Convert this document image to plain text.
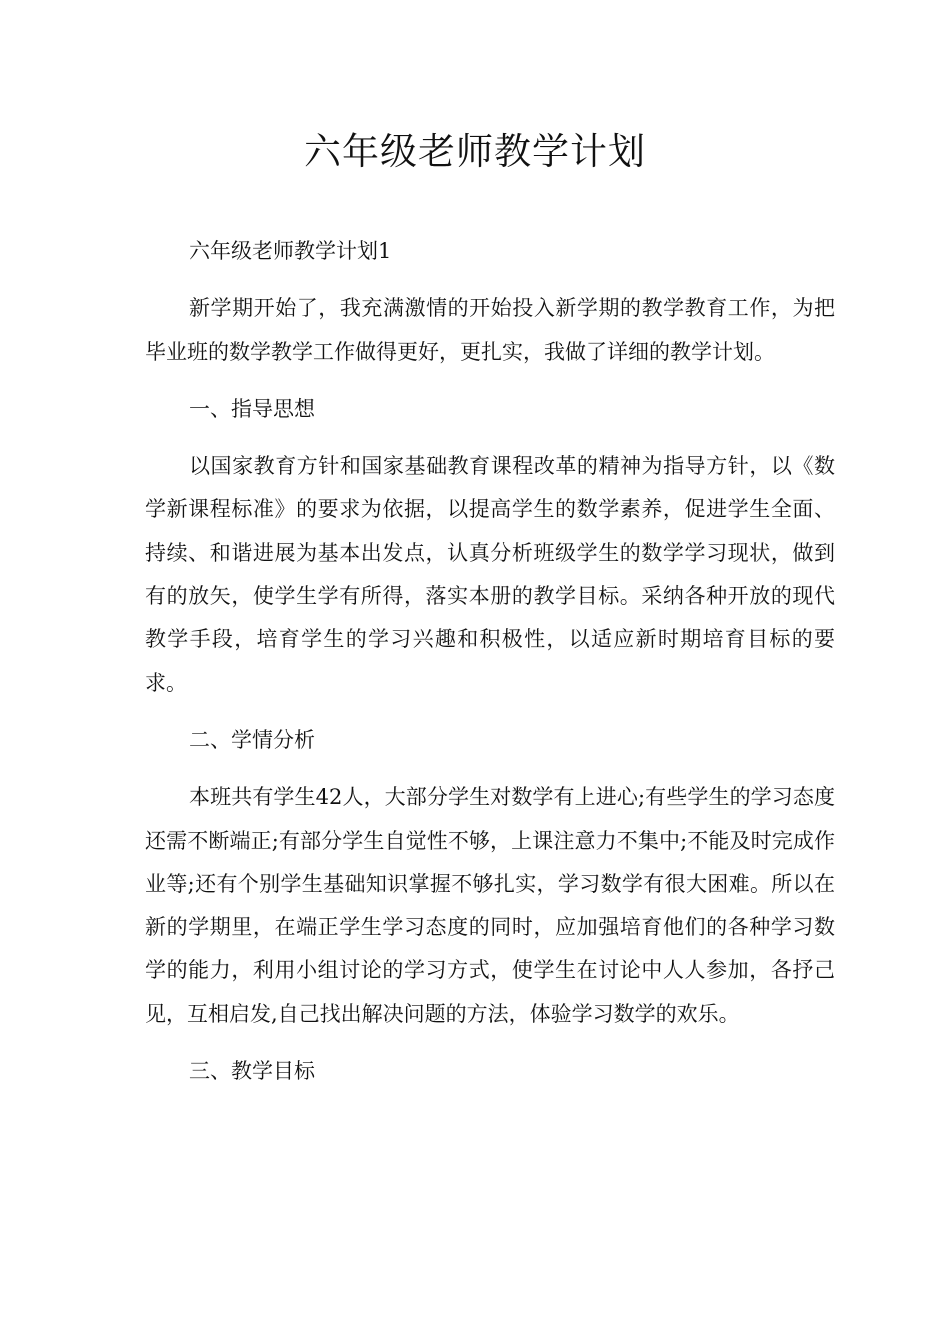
六年级老师教学计划

六年级老师教学计划1

新学期开始了，我充满激情的开始投入新学期的教学教育工作，为把毕业班的数学教学工作做得更好，更扎实，我做了详细的教学计划。

一、指导思想

以国家教育方针和国家基础教育课程改革的精神为指导方针，以《数学新课程标准》的要求为依据，以提高学生的数学素养，促进学生全面、持续、和谐进展为基本出发点，认真分析班级学生的数学学习现状，做到有的放矢，使学生学有所得，落实本册的教学目标。采纳各种开放的现代教学手段，培育学生的学习兴趣和积极性，以适应新时期培育目标的要求。

二、学情分析

本班共有学生42人，大部分学生对数学有上进心;有些学生的学习态度还需不断端正;有部分学生自觉性不够，上课注意力不集中;不能及时完成作业等;还有个别学生基础知识掌握不够扎实，学习数学有很大困难。所以在新的学期里，在端正学生学习态度的同时，应加强培育他们的各种学习数学的能力，利用小组讨论的学习方式，使学生在讨论中人人参加，各抒己见，互相启发,自己找出解决问题的方法，体验学习数学的欢乐。

三、教学目标
